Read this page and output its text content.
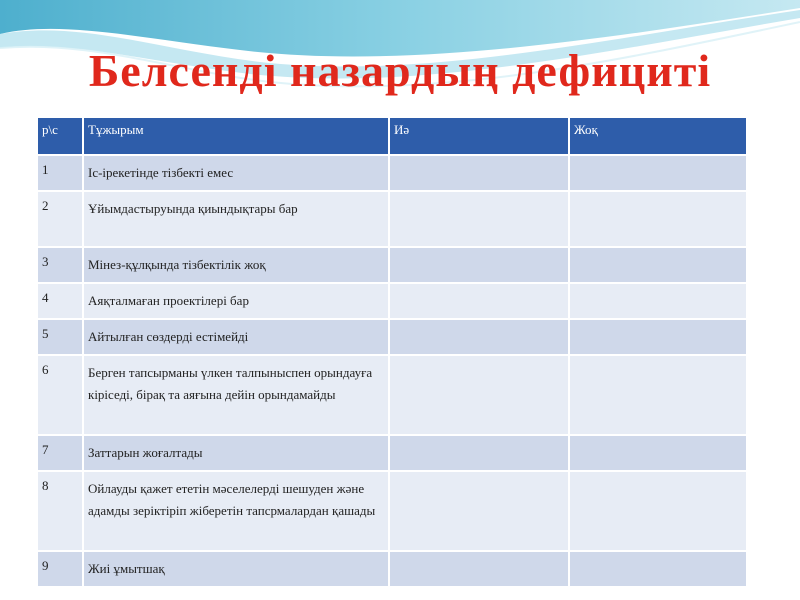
Белсенді назардың дефициті
р\с	Тұжырым	Иә	Жоқ
1	Іс-ірекетінде тізбекті емес		
2	Ұйымдастыруында қиындықтары бар		
3	Мінез-құлқында тізбектілік жоқ		
4	Аяқталмаған проектілері бар		
5	Айтылған сөздерді естімейді		
6	Берген тапсырманы үлкен талпыныспен орындауға кіріседі, бірақ та аяғына дейін орындамайды		
7	Заттарын жоғалтады		
8	Ойлауды қажет ететін мәселелерді шешуден және адамды зеріктіріп жіберетін тапсрмалардан қашады		
9	Жиі ұмытшақ		
